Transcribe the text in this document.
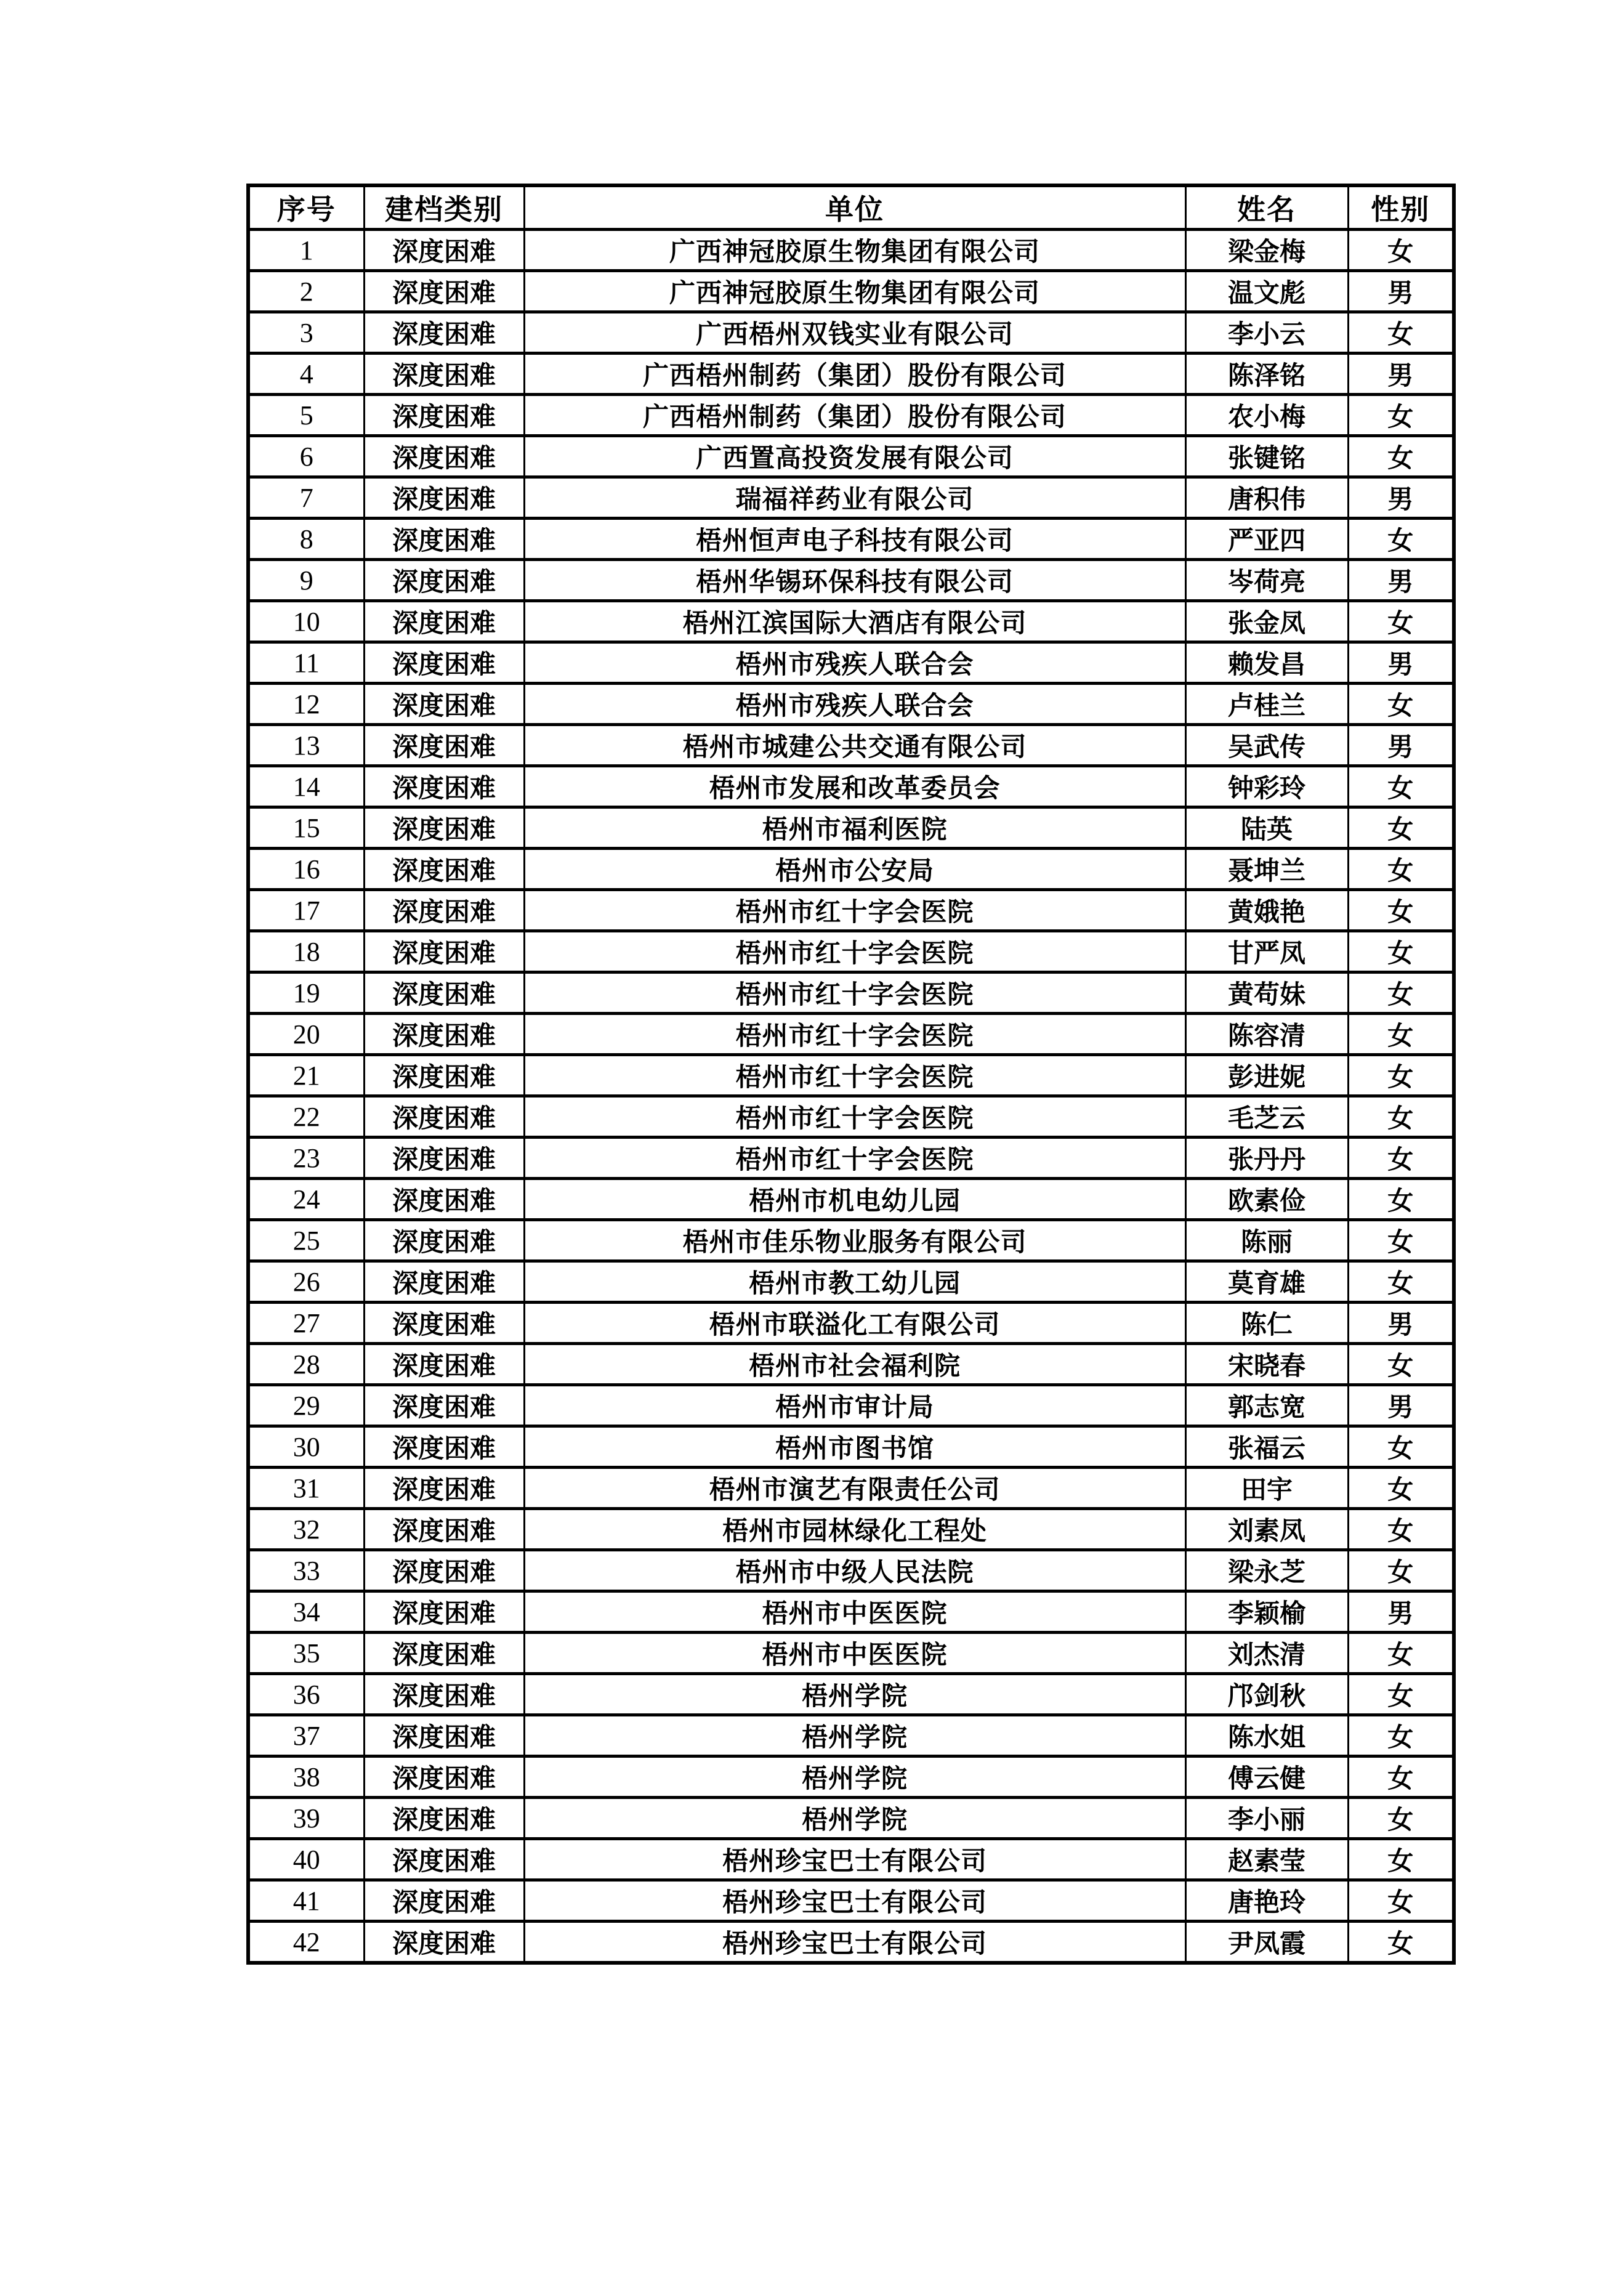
序号	建档类别	单位	姓名	性别
1	深度困难	广西神冠胶原生物集团有限公司	梁金梅	女
2	深度困难	广西神冠胶原生物集团有限公司	温文彪	男
3	深度困难	广西梧州双钱实业有限公司	李小云	女
4	深度困难	广西梧州制药（集团）股份有限公司	陈泽铭	男
5	深度困难	广西梧州制药（集团）股份有限公司	农小梅	女
6	深度困难	广西置高投资发展有限公司	张键铭	女
7	深度困难	瑞福祥药业有限公司	唐积伟	男
8	深度困难	梧州恒声电子科技有限公司	严亚四	女
9	深度困难	梧州华锡环保科技有限公司	岑荷亮	男
10	深度困难	梧州江滨国际大酒店有限公司	张金凤	女
11	深度困难	梧州市残疾人联合会	赖发昌	男
12	深度困难	梧州市残疾人联合会	卢桂兰	女
13	深度困难	梧州市城建公共交通有限公司	吴武传	男
14	深度困难	梧州市发展和改革委员会	钟彩玲	女
15	深度困难	梧州市福利医院	陆英	女
16	深度困难	梧州市公安局	聂坤兰	女
17	深度困难	梧州市红十字会医院	黄娥艳	女
18	深度困难	梧州市红十字会医院	甘严凤	女
19	深度困难	梧州市红十字会医院	黄苟妹	女
20	深度困难	梧州市红十字会医院	陈容清	女
21	深度困难	梧州市红十字会医院	彭进妮	女
22	深度困难	梧州市红十字会医院	毛芝云	女
23	深度困难	梧州市红十字会医院	张丹丹	女
24	深度困难	梧州市机电幼儿园	欧素俭	女
25	深度困难	梧州市佳乐物业服务有限公司	陈丽	女
26	深度困难	梧州市教工幼儿园	莫育雄	女
27	深度困难	梧州市联溢化工有限公司	陈仁	男
28	深度困难	梧州市社会福利院	宋晓春	女
29	深度困难	梧州市审计局	郭志宽	男
30	深度困难	梧州市图书馆	张福云	女
31	深度困难	梧州市演艺有限责任公司	田宇	女
32	深度困难	梧州市园林绿化工程处	刘素凤	女
33	深度困难	梧州市中级人民法院	梁永芝	女
34	深度困难	梧州市中医医院	李颖榆	男
35	深度困难	梧州市中医医院	刘杰清	女
36	深度困难	梧州学院	邝剑秋	女
37	深度困难	梧州学院	陈水姐	女
38	深度困难	梧州学院	傅云健	女
39	深度困难	梧州学院	李小丽	女
40	深度困难	梧州珍宝巴士有限公司	赵素莹	女
41	深度困难	梧州珍宝巴士有限公司	唐艳玲	女
42	深度困难	梧州珍宝巴士有限公司	尹凤霞	女
